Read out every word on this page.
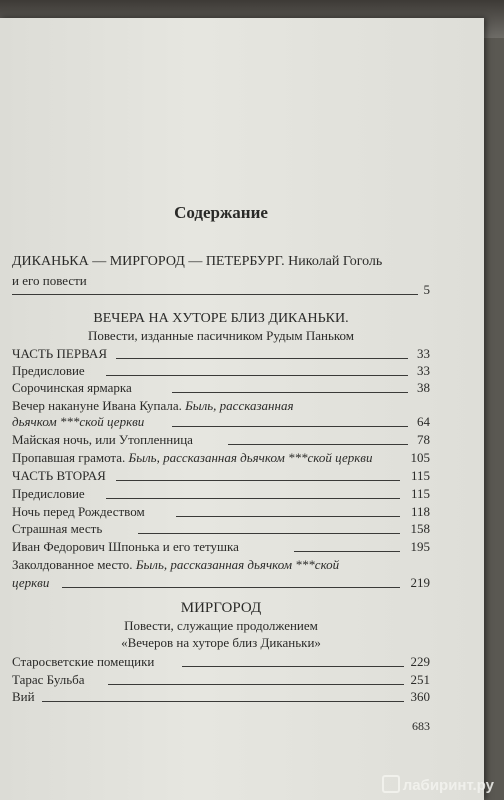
Содержание
ДИКАНЬКА — МИРГОРОД — ПЕТЕРБУРГ. Николай Гоголь
и его повести
5
ВЕЧЕРА НА ХУТОРЕ БЛИЗ ДИКАНЬКИ.
Повести, изданные пасичником Рудым Паньком
ЧАСТЬ ПЕРВАЯ	33
Предисловие	33
Сорочинская ярмарка	38
Вечер накануне Ивана Купала. Быль, рассказанная
дьячком ***ской церкви	64
Майская ночь, или Утопленница	78
Пропавшая грамота. Быль, рассказанная дьячком ***ской церкви	105
ЧАСТЬ ВТОРАЯ	115
Предисловие	115
Ночь перед Рождеством	118
Страшная месть	158
Иван Федорович Шпонька и его тетушка	195
Заколдованное место. Быль, рассказанная дьячком ***ской
церкви	219
МИРГОРОД
Повести, служащие продолжением
«Вечеров на хуторе близ Диканьки»
Старосветские помещики	229
Тарас Бульба	251
Вий	360
683
лабиринт.ру
